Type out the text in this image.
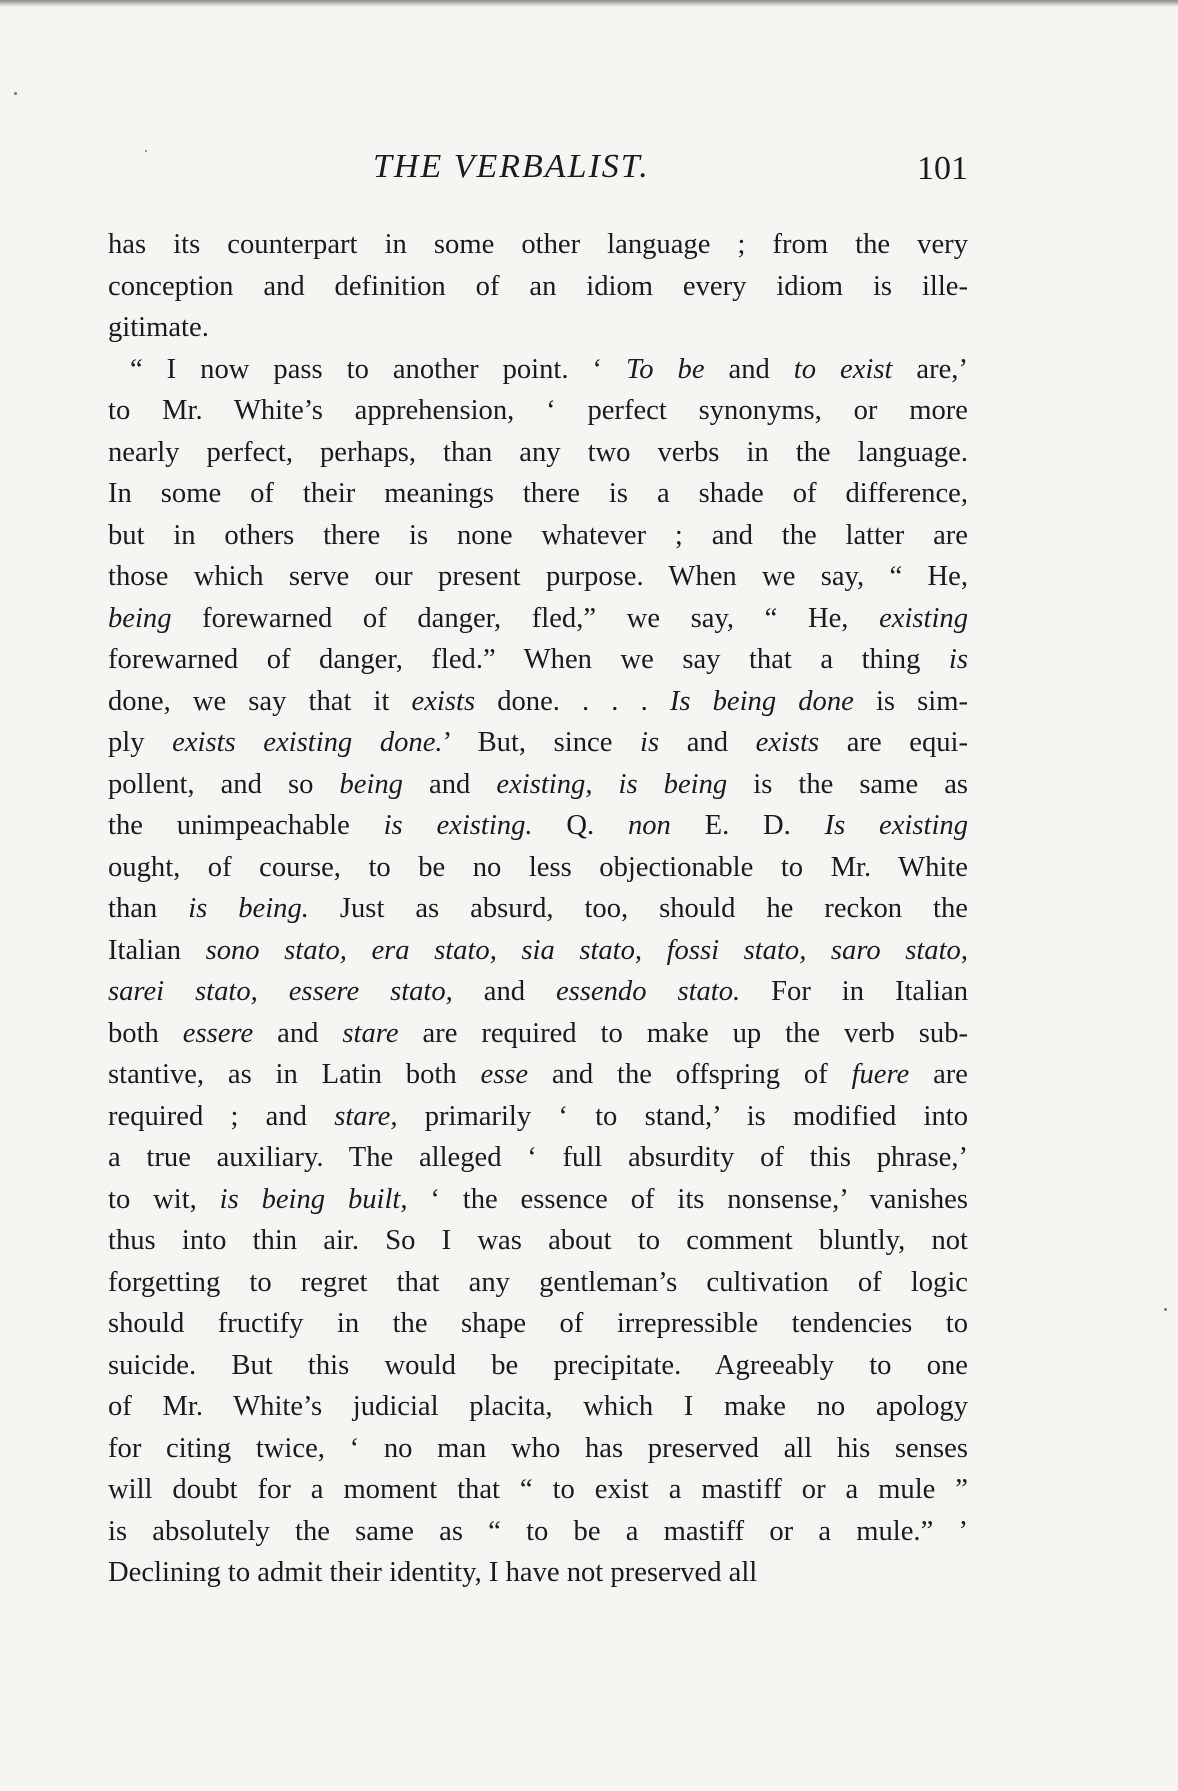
THE VERBALIST.	101
has its counterpart in some other language ; from the very
conception and definition of an idiom every idiom is ille-
gitimate.
“ I now pass to another point. ‘ To be and to exist are,’
to Mr. White’s apprehension, ‘ perfect synonyms, or more
nearly perfect, perhaps, than any two verbs in the language.
In some of their meanings there is a shade of difference,
but in others there is none whatever ; and the latter are
those which serve our present purpose. When we say, “ He,
being forewarned of danger, fled,” we say, “ He, existing
forewarned of danger, fled.” When we say that a thing is
done, we say that it exists done. . . . Is being done is sim-
ply exists existing done.’ But, since is and exists are equi-
pollent, and so being and existing, is being is the same as
the unimpeachable is existing. Q. non E. D. Is existing
ought, of course, to be no less objectionable to Mr. White
than is being. Just as absurd, too, should he reckon the
Italian sono stato, era stato, sia stato, fossi stato, saro stato,
sarei stato, essere stato, and essendo stato. For in Italian
both essere and stare are required to make up the verb sub-
stantive, as in Latin both esse and the offspring of fuere are
required ; and stare, primarily ‘ to stand,’ is modified into
a true auxiliary. The alleged ‘ full absurdity of this phrase,’
to wit, is being built, ‘ the essence of its nonsense,’ vanishes
thus into thin air. So I was about to comment bluntly, not
forgetting to regret that any gentleman’s cultivation of logic
should fructify in the shape of irrepressible tendencies to
suicide. But this would be precipitate. Agreeably to one
of Mr. White’s judicial placita, which I make no apology
for citing twice, ‘ no man who has preserved all his senses
will doubt for a moment that “ to exist a mastiff or a mule ”
is absolutely the same as “ to be a mastiff or a mule.” ’
Declining to admit their identity, I have not preserved all
